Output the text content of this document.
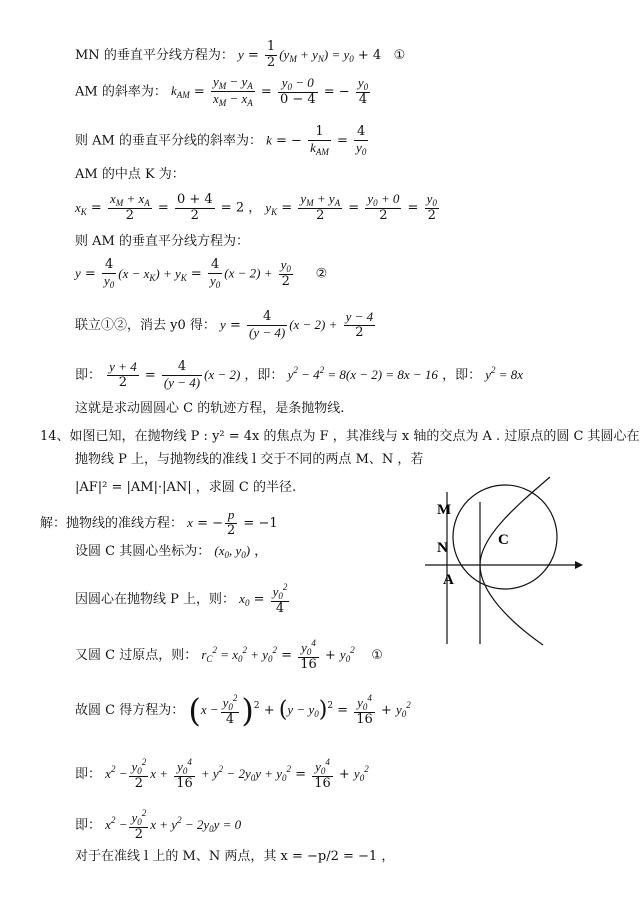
MN 的垂直平分线方程为： $y = \frac{1}{2} (y_M + y_N) = y_0 + 4$   ①
AM 的斜率为： $k_{AM} = \frac{y_M - y_A}{x_M - x_A} = \frac{y_0 - 0}{0 - 4}$ = − $\frac{y_0}{4}$
则 AM 的垂直平分线的斜率为： k = − $\frac{1}{k_{AM}} = \frac{4}{y_0}$
AM 的中点 K 为：
$x_K = \frac{x_M + x_A}{2} = \frac{0 + 4}{2} = 2$ ， $y_K = \frac{y_M + y_A}{2} = \frac{y_0 + 0}{2} = \frac{y_0}{2}$
则 AM 的垂直平分线方程为：
$y = \frac{4}{y_0} (x - x_K) + y_K = \frac{4}{y_0} (x - 2) + \frac{y_0}{2}$ ②
联立①②，消去 y0 得： $y = \frac{4}{(y - 4)} (x - 2) + \frac{y - 4}{2}$
即： $\frac{y + 4}{2} = \frac{4}{(y - 4)} (x - 2)$ ，即： $y^2 - 4^2 = 8(x - 2) = 8x - 16$ ，即： $y^2 = 8x$
这就是求动圆圆心 C 的轨迹方程，是条抛物线.
14、如图已知，在抛物线 P : y² = 4x 的焦点为 F ，其准线与 x 轴的交点为 A . 过原点的圆 C 其圆心在
抛物线 P 上，与抛物线的准线 l 交于不同的两点 M、N ，若
|AF|² = |AM|·|AN| ，求圆 C 的半径.
解：抛物线的准线方程： x = − $\frac{p}{2} = -1$
设圆 C 其圆心坐标为： ($x_0$, $y_0$) ，
因圆心在抛物线 P 上，则： $x_0 = \frac{y_0^2}{4}$
又圆 C 过原点，则： $r_C^2 = x_0^2 + y_0^2 = \frac{y_0^4}{16} + y_0^2$ ①
故圆 C 得方程为： $(x - \frac{y_0^2}{4} )^2 + (y - y_0)^2 = \frac{y_0^4}{16} + y_0^2$
即： $x^2 - \frac{y_0^2}{2}$ $x + \frac{y_0^4}{16} + y^2 - 2y_0y + y_0^2 = \frac{y_0^4}{16} + y_0^2$
即： $x^2 - \frac{y_0^2}{2}$ $x + y^2 - 2y_0y = 0$
对于在准线 l 上的 M、N 两点，其 x = −p/2 = −1 ，
M
N	C
A
